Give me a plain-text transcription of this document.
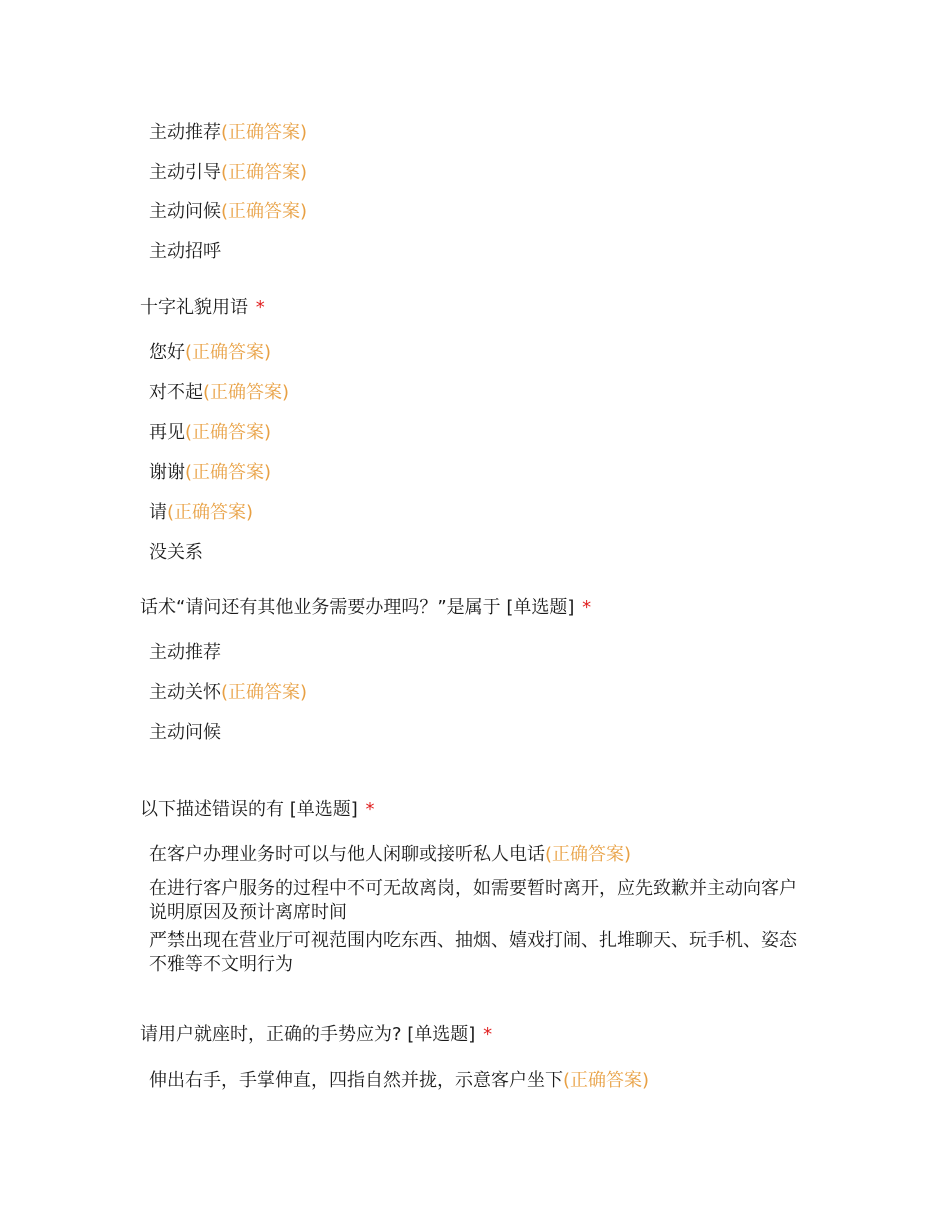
主动推荐(正确答案)
主动引导(正确答案)
主动问候(正确答案)
主动招呼
十字礼貌用语 *
您好(正确答案)
对不起(正确答案)
再见(正确答案)
谢谢(正确答案)
请(正确答案)
没关系
话术“请问还有其他业务需要办理吗？”是属于 [单选题] *
主动推荐
主动关怀(正确答案)
主动问候
以下描述错误的有 [单选题] *
在客户办理业务时可以与他人闲聊或接听私人电话(正确答案)
在进行客户服务的过程中不可无故离岗，如需要暂时离开，应先致歉并主动向客户说明原因及预计离席时间
严禁出现在营业厅可视范围内吃东西、抽烟、嬉戏打闹、扎堆聊天、玩手机、姿态不雅等不文明行为
请用户就座时，正确的手势应为? [单选题] *
伸出右手，手掌伸直，四指自然并拢，示意客户坐下(正确答案)
